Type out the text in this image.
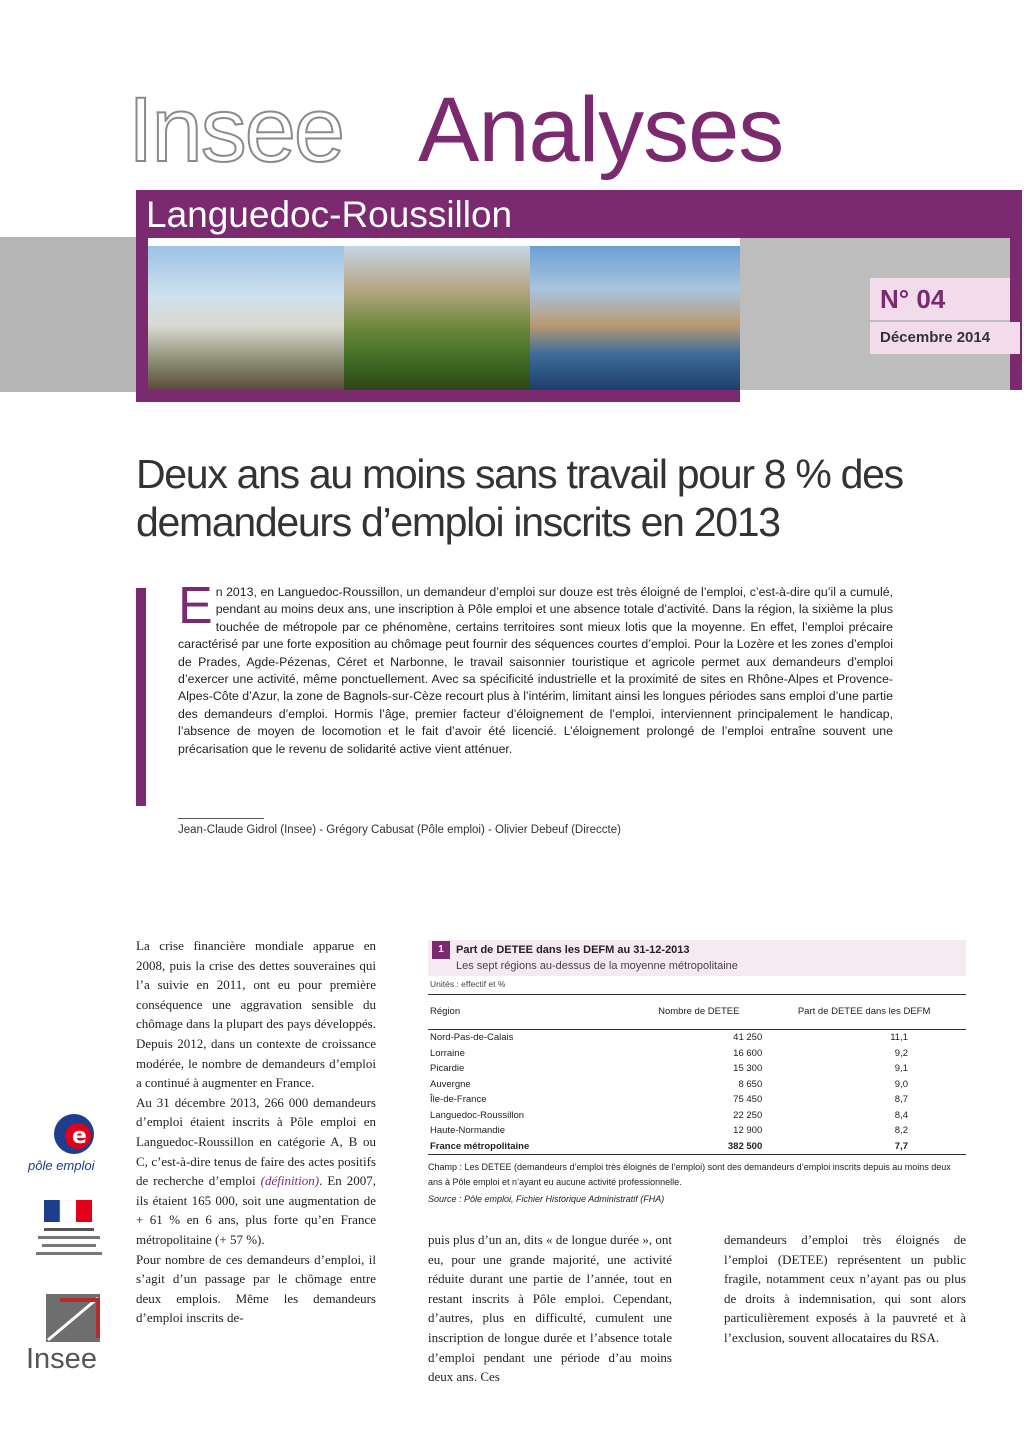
Insee Analyses
Languedoc-Roussillon
N° 04
Décembre 2014
Deux ans au moins sans travail pour 8 % des demandeurs d’emploi inscrits en 2013

En 2013, en Languedoc-Roussillon, un demandeur d’emploi sur douze est très éloigné de l’emploi, c’est-à-dire qu’il a cumulé, pendant au moins deux ans, une inscription à Pôle emploi et une absence totale d’activité. Dans la région, la sixième la plus touchée de métropole par ce phénomène, certains territoires sont mieux lotis que la moyenne. En effet, l’emploi précaire caractérisé par une forte exposition au chômage peut fournir des séquences courtes d’emploi. Pour la Lozère et les zones d’emploi de Prades, Agde-Pézenas, Céret et Narbonne, le travail saisonnier touristique et agricole permet aux demandeurs d’emploi d’exercer une activité, même ponctuellement. Avec sa spécificité industrielle et la proximité de sites en Rhône-Alpes et Provence-Alpes-Côte d’Azur, la zone de Bagnols-sur-Cèze recourt plus à l’intérim, limitant ainsi les longues périodes sans emploi d’une partie des demandeurs d’emploi. Hormis l’âge, premier facteur d’éloignement de l’emploi, interviennent principalement le handicap, l’absence de moyen de locomotion et le fait d’avoir été licencié. L’éloignement prolongé de l’emploi entraîne souvent une précarisation que le revenu de solidarité active vient atténuer.

Jean-Claude Gidrol (Insee) - Grégory Cabusat (Pôle emploi) - Olivier Debeuf (Direccte)

La crise financière mondiale apparue en 2008, puis la crise des dettes souveraines qui l’a suivie en 2011, ont eu pour première conséquence une aggravation sensible du chômage dans la plupart des pays développés. Depuis 2012, dans un contexte de croissance modérée, le nombre de demandeurs d’emploi a continué à augmenter en France.

Au 31 décembre 2013, 266 000 demandeurs d’emploi étaient inscrits à Pôle emploi en Languedoc-Roussillon en catégorie A, B ou C, c’est-à-dire tenus de faire des actes positifs de recherche d’emploi (définition). En 2007, ils étaient 165 000, soit une augmentation de + 61 % en 6 ans, plus forte qu’en France métropolitaine (+ 57 %).

Pour nombre de ces demandeurs d’emploi, il s’agit d’un passage par le chômage entre deux emplois. Même les demandeurs d’emploi inscrits de-

puis plus d’un an, dits « de longue durée », ont eu, pour une grande majorité, une activité réduite durant une partie de l’année, tout en restant inscrits à Pôle emploi. Cependant, d’autres, plus en difficulté, cumulent une inscription de longue durée et l’absence totale d’emploi pendant une période d’au moins deux ans. Ces

demandeurs d’emploi très éloignés de l’emploi (DETEE) représentent un public fragile, notamment ceux n’ayant pas ou plus de droits à indemnisation, qui sont alors particulièrement exposés à la pauvreté et à l’exclusion, souvent allocataires du RSA.

e
pôle emploi
Insee
1	Part de DETEE dans les DEFM au 31-12-2013
Les sept régions au-dessus de la moyenne métropolitaine
Unités : effectif et %
Région	Nombre de DETEE	Part de DETEE dans les DEFM
Nord-Pas-de-Calais	41 250	11,1
Lorraine	16 600	9,2
Picardie	15 300	9,1
Auvergne	8 650	9,0
Île-de-France	75 450	8,7
Languedoc-Roussillon	22 250	8,4
Haute-Normandie	12 900	8,2
France métropolitaine	382 500	7,7
Champ : Les DETEE (demandeurs d’emploi très éloignés de l’emploi) sont des demandeurs d’emploi inscrits depuis au moins deux ans à Pôle emploi et n’ayant eu aucune activité professionnelle.
Source : Pôle emploi, Fichier Historique Administratif (FHA)
